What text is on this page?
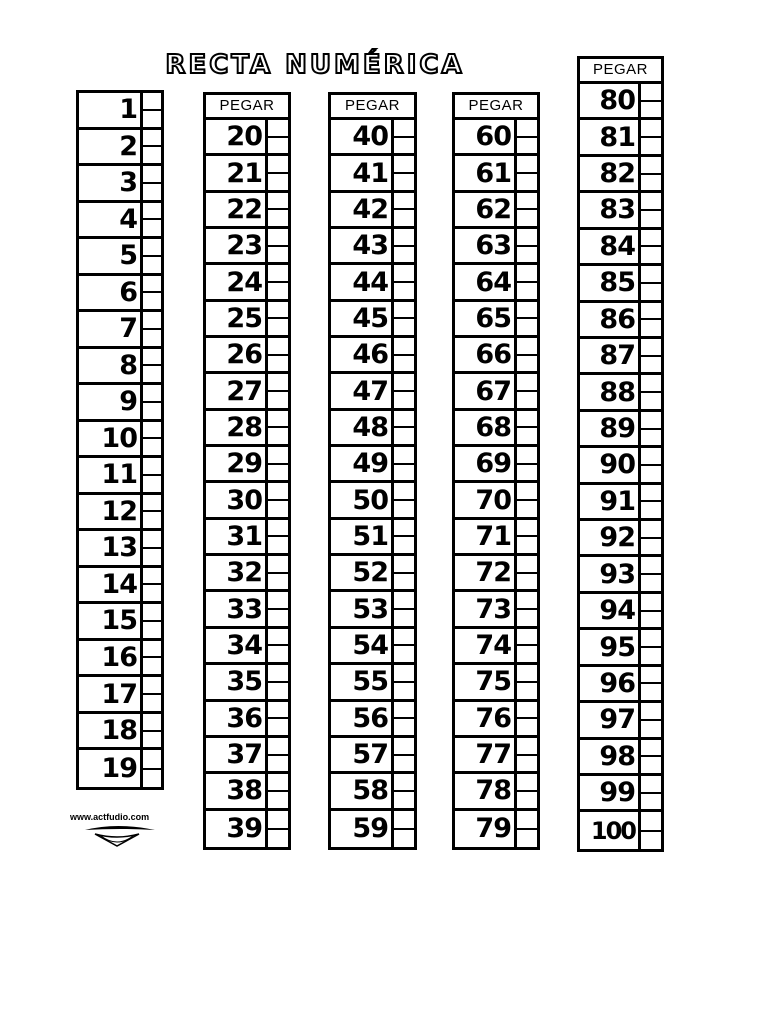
RECTA NUMÉRICA
1
2
3
4
5
6
7
8
9
10
11
12
13
14
15
16
17
18
19
PEGAR
20
21
22
23
24
25
26
27
28
29
30
31
32
33
34
35
36
37
38
39
PEGAR
40
41
42
43
44
45
46
47
48
49
50
51
52
53
54
55
56
57
58
59
PEGAR
60
61
62
63
64
65
66
67
68
69
70
71
72
73
74
75
76
77
78
79
PEGAR
80
81
82
83
84
85
86
87
88
89
90
91
92
93
94
95
96
97
98
99
100
www.actfudio.com
